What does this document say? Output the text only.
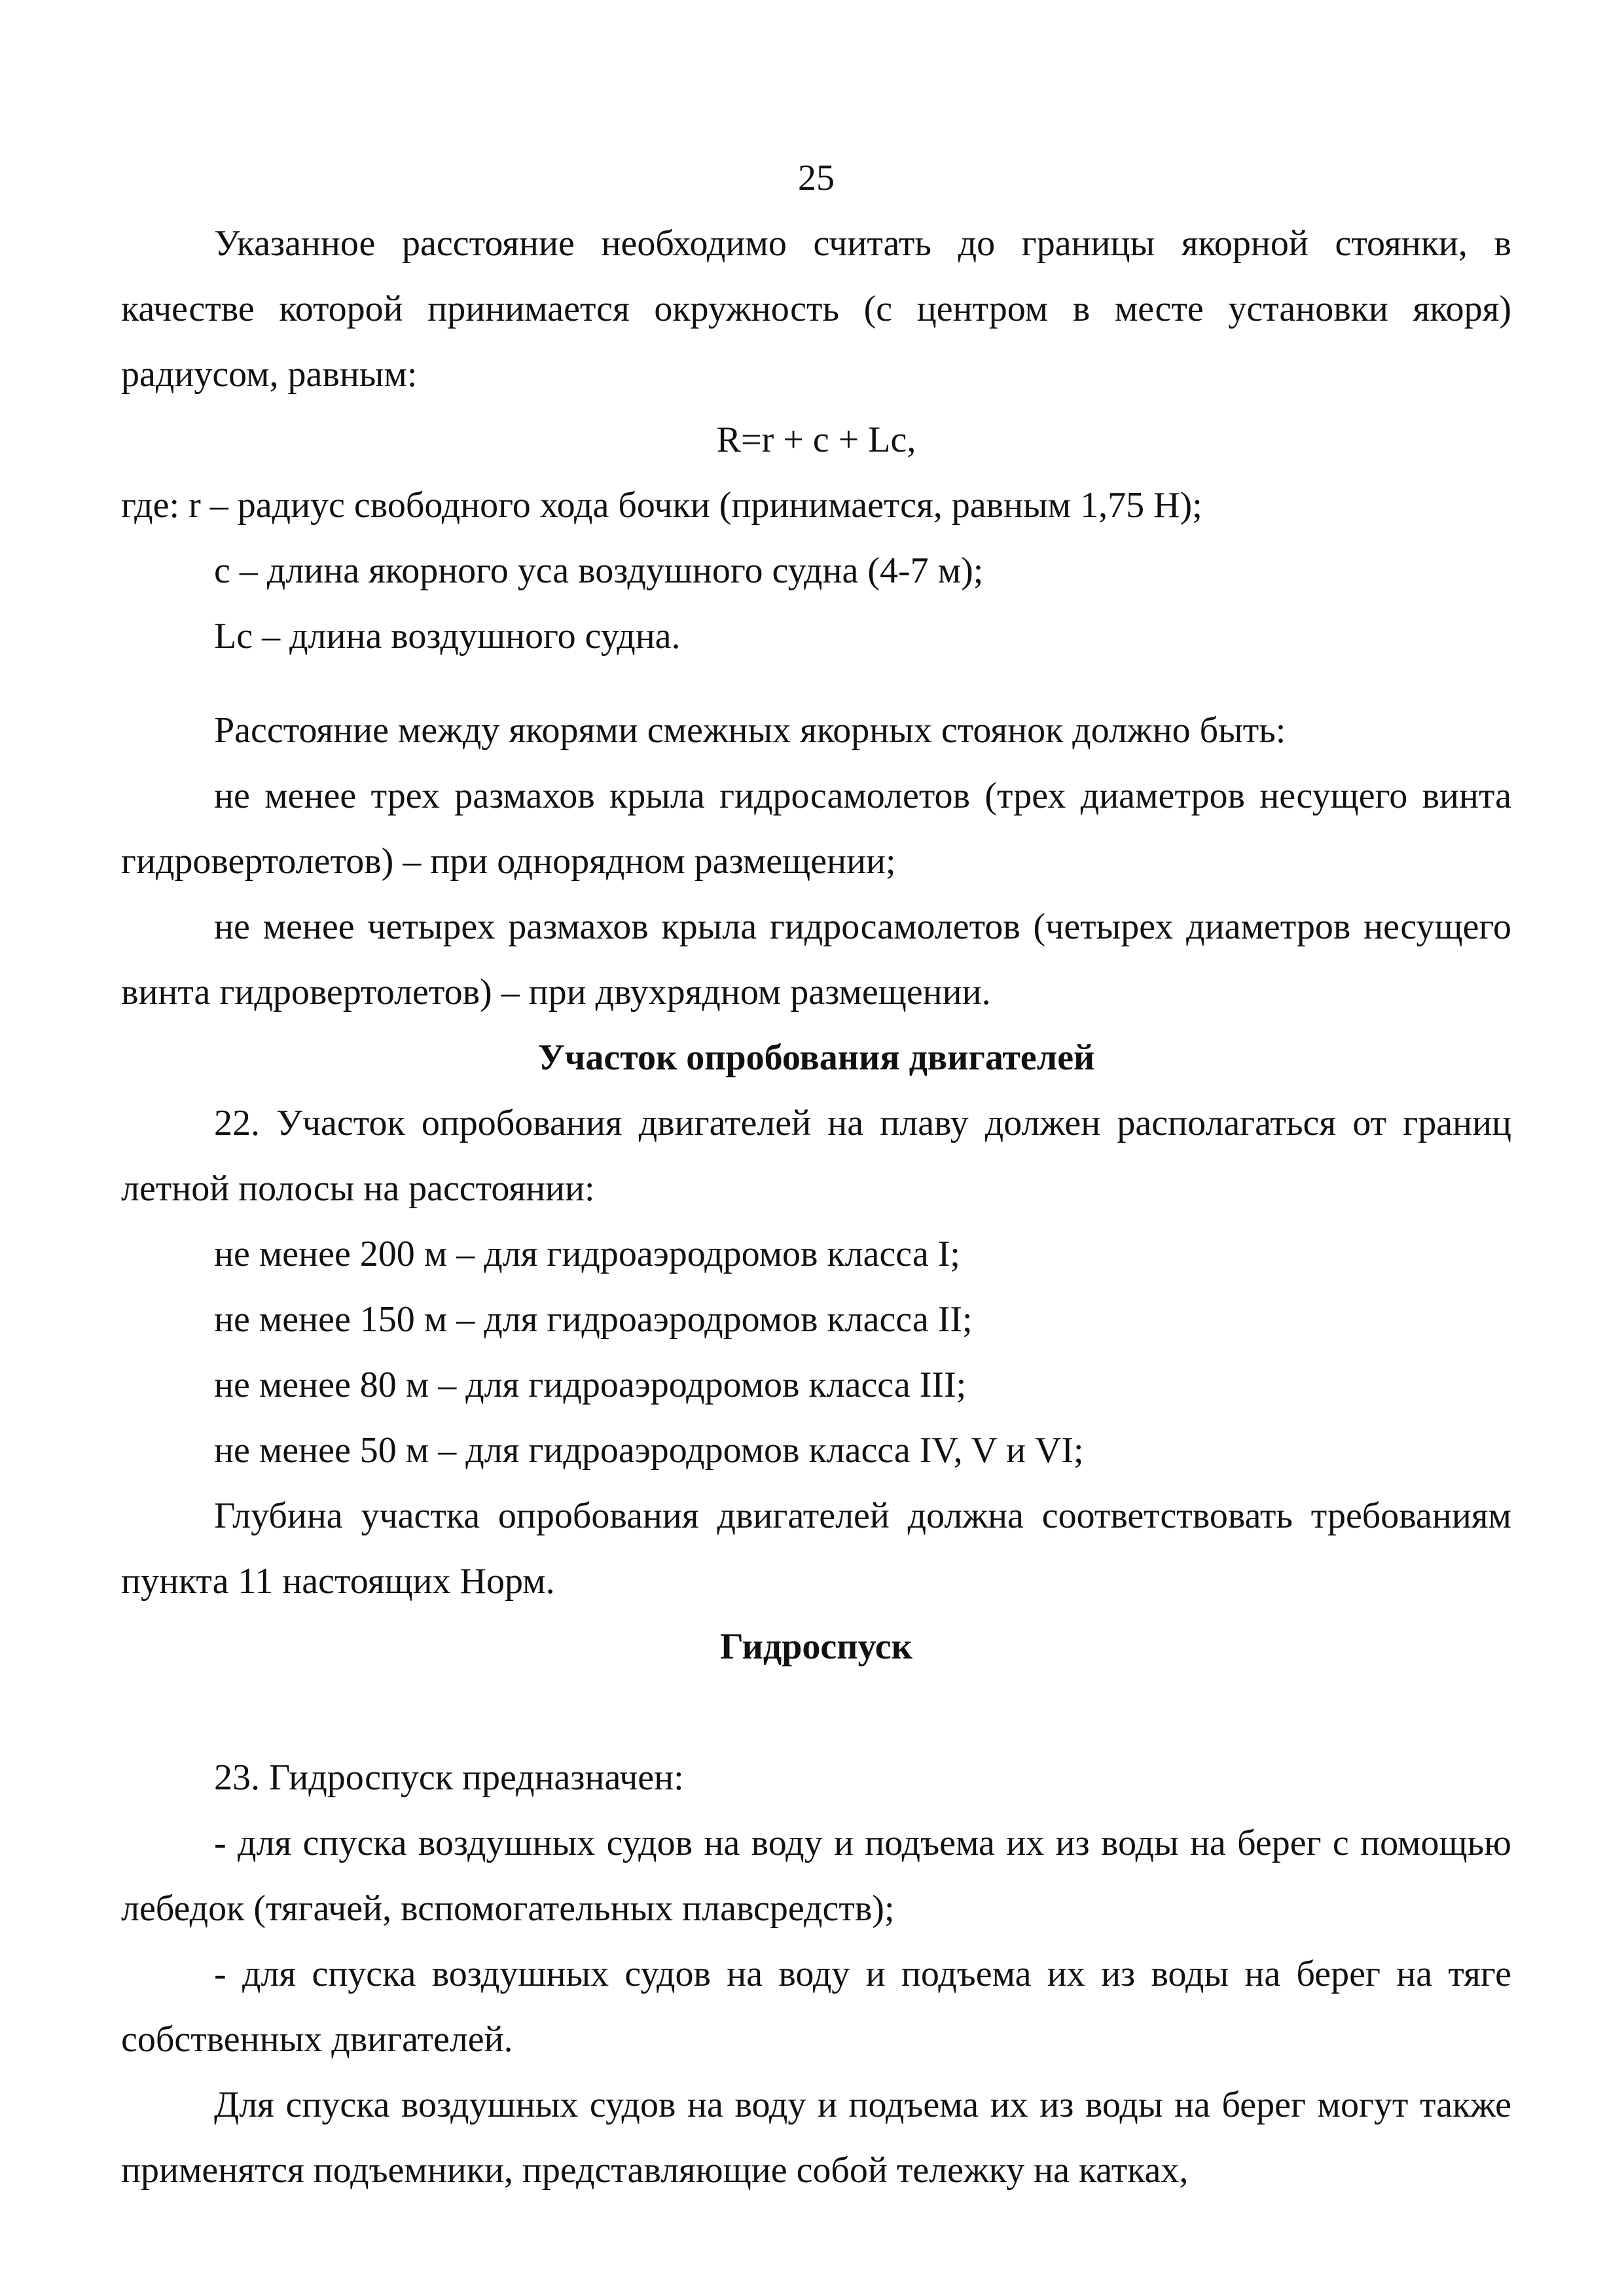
25

Указанное расстояние необходимо считать до границы якорной стоянки, в качестве которой принимается окружность (с центром в месте установки якоря) радиусом, равным:

R=r + c + Lc,

где: r – радиус свободного хода бочки (принимается, равным 1,75 Н);

c – длина якорного уса воздушного судна (4-7 м);

Lc – длина воздушного судна.

Расстояние между якорями смежных якорных стоянок должно быть:

не менее трех размахов крыла гидросамолетов (трех диаметров несущего винта гидровертолетов) – при однорядном размещении;

не менее четырех размахов крыла гидросамолетов (четырех диаметров несущего винта гидровертолетов) – при двухрядном размещении.

Участок опробования двигателей

22. Участок опробования двигателей на плаву должен располагаться от границ летной полосы на расстоянии:

не менее 200 м – для гидроаэродромов класса I;

не менее 150 м – для гидроаэродромов класса II;

не менее 80 м – для гидроаэродромов класса III;

не менее 50 м – для гидроаэродромов класса IV, V и VI;

Глубина участка опробования двигателей должна соответствовать требованиям пункта 11 настоящих Норм.

Гидроспуск

23. Гидроспуск предназначен:

- для спуска воздушных судов на воду и подъема их из воды на берег с помощью лебедок (тягачей, вспомогательных плавсредств);

- для спуска воздушных судов на воду и подъема их из воды на берег на тяге собственных двигателей.

Для спуска воздушных судов на воду и подъема их из воды на берег могут также применятся подъемники, представляющие собой тележку на катках,
